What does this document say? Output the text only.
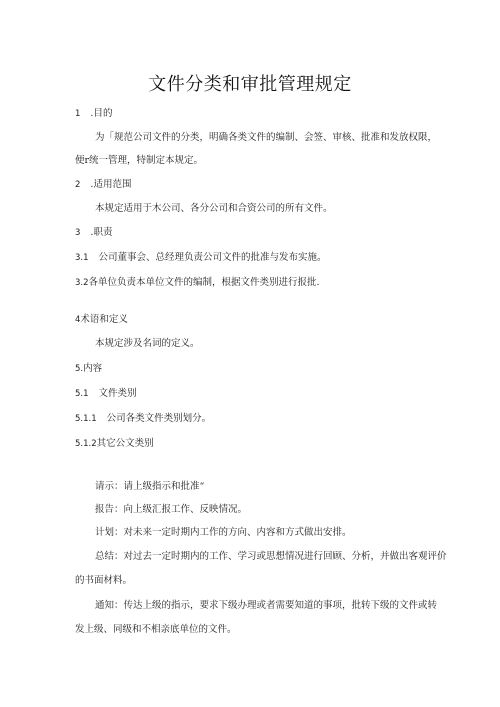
文件分类和审批管理规定
1 .目的
为「规范公司文件的分类，明确各类文件的编制、会签、审核、批准和发放权限，
便r统一管理，特制定本规定。
2 .适用范围
本规定适用于木公司、各分公司和合资公司的所有文件。
3 .职责
3.1 公司董事会、总经理负责公司文件的批准与发布实施。
3.2各单位负责本单位文件的编制，根据文件类别进行报批.
4术语和定义
本规定涉及名词的定义。
5.内容
5.1 文件类别
5.1.1 公司各类文件类别划分。
5.1.2其它公文类别
请示：请上级指示和批准“
报告：向上级汇报工作、反映情况。
计划：对未来一定时期内工作的方向、内容和方式做出安排。
总结：对过去一定时期内的工作、学习或思想情况进行回顾、分析，并做出客观评价
的书面材料。
通知：传达上级的指示，要求下级办理或者需要知道的事项，批转下级的文件或转
发上级、同级和不相亲底单位的文件。
